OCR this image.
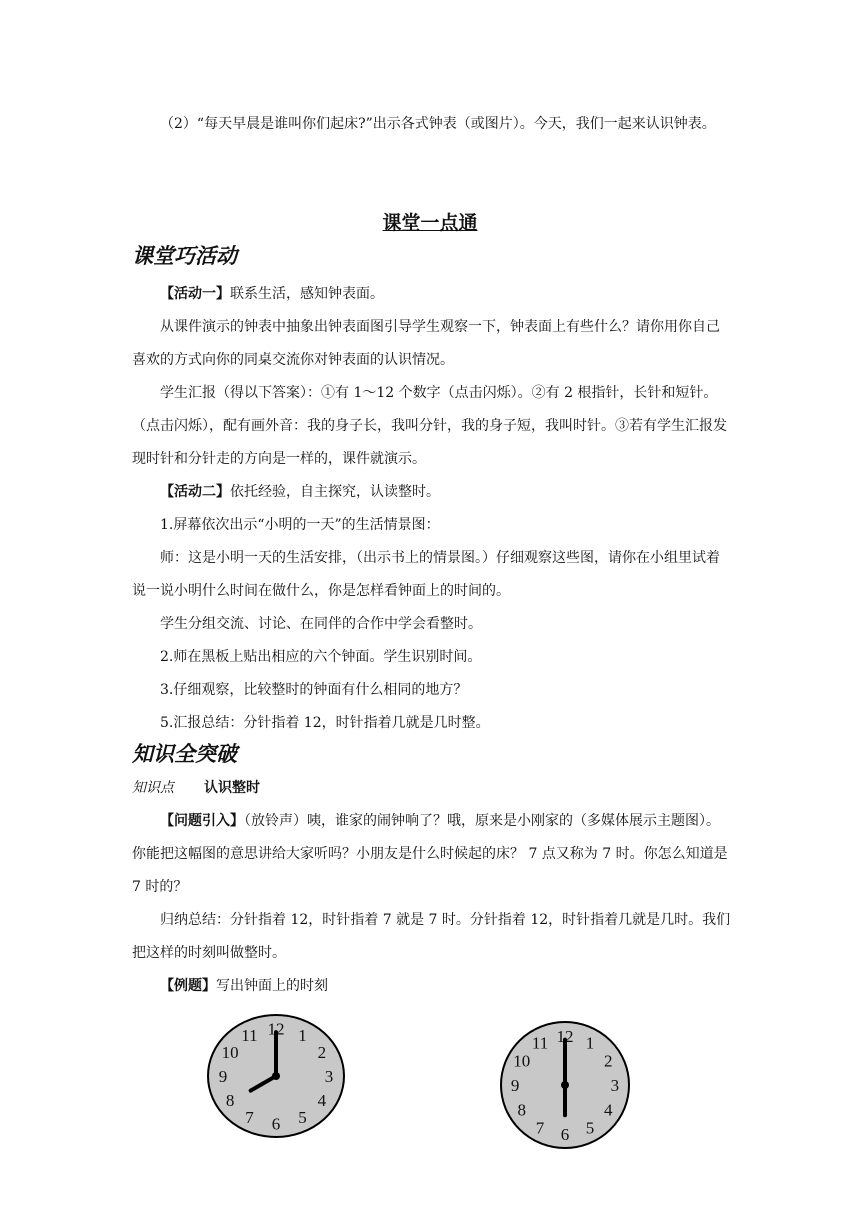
（2）“每天早晨是谁叫你们起床?”出示各式钟表（或图片）。今天，我们一起来认识钟表。

课堂一点通
课堂巧活动

【活动一】联系生活，感知钟表面。

从课件演示的钟表中抽象出钟表面图引导学生观察一下，钟表面上有些什么？请你用你自己喜欢的方式向你的同桌交流你对钟表面的认识情况。

学生汇报（得以下答案）：①有 1～12 个数字（点击闪烁）。②有 2 根指针，长针和短针。（点击闪烁），配有画外音：我的身子长，我叫分针，我的身子短，我叫时针。③若有学生汇报发现时针和分针走的方向是一样的，课件就演示。

【活动二】依托经验，自主探究，认读整时。

1.屏幕依次出示“小明的一天”的生活情景图：

师：这是小明一天的生活安排，（出示书上的情景图。）仔细观察这些图，请你在小组里试着说一说小明什么时间在做什么，你是怎样看钟面上的时间的。

学生分组交流、讨论、在同伴的合作中学会看整时。

2.师在黑板上贴出相应的六个钟面。学生识别时间。

3.仔细观察，比较整时的钟面有什么相同的地方？

5.汇报总结：分针指着 12，时针指着几就是几时整。

知识全突破

知识点 认识整时

【问题引入】（放铃声）咦，谁家的闹钟响了？哦，原来是小刚家的（多媒体展示主题图）。你能把这幅图的意思讲给大家听吗？小朋友是什么时候起的床？ 7 点又称为 7 时。你怎么知道是 7 时的？

归纳总结：分针指着 12，时针指着 7 就是 7 时。分针指着 12，时针指着几就是几时。我们把这样的时刻叫做整时。

【例题】写出钟面上的时刻

12 1
2
3
4
5
6
7
8
9
10
11	12 1
2
3
4
5
6
7
8
9
10
11
